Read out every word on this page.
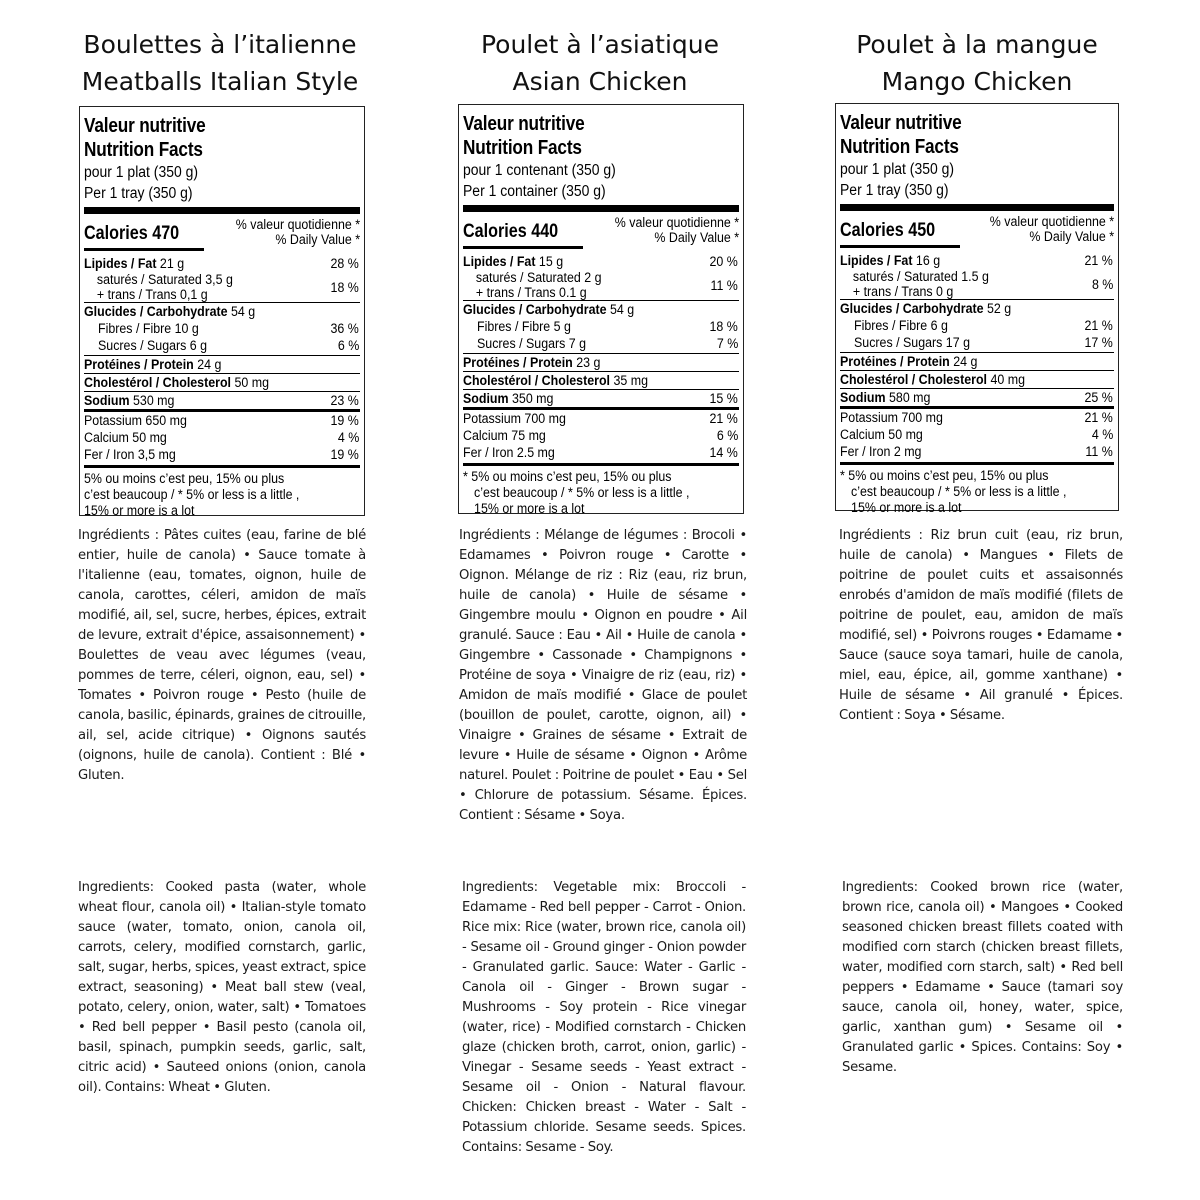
Boulettes à l’italienne
Meatballs Italian Style
Valeur nutritive
Nutrition Facts
pour 1 plat (350 g)
Per 1 tray (350 g)
Calories 470	% valeur quotidienne *
% Daily Value *
Lipides / Fat 21 g	28 %
saturés / Saturated 3,5 g
+ trans / Trans 0,1 g	18 %
Glucides / Carbohydrate 54 g
Fibres / Fibre 10 g	36 %
Sucres / Sugars 6 g	6 %
Protéines / Protein 24 g
Cholestérol / Cholesterol 50 mg
Sodium 530 mg	23 %
Potassium 650 mg	19 %
Calcium 50 mg	4 %
Fer / Iron 3,5 mg	19 %
5% ou moins c’est peu, 15% ou plus
c’est beaucoup / * 5% or less is a little ,
15% or more is a lot

Ingrédients : Pâtes cuites (eau, farine de blé entier, huile de canola) • Sauce tomate à l'italienne (eau, tomates, oignon, huile de canola, carottes, céleri, amidon de maïs modifié, ail, sel, sucre, herbes, épices, extrait de levure, extrait d'épice, assaisonnement) • Boulettes de veau avec légumes (veau, pommes de terre, céleri, oignon, eau, sel) • Tomates • Poivron rouge • Pesto (huile de canola, basilic, épinards, graines de citrouille, ail, sel, acide citrique) • Oignons sautés (oignons, huile de canola). Contient : Blé • Gluten.

Ingredients: Cooked pasta (water, whole wheat flour, canola oil) • Italian-style tomato sauce (water, tomato, onion, canola oil, carrots, celery, modified cornstarch, garlic, salt, sugar, herbs, spices, yeast extract, spice extract, seasoning) • Meat ball stew (veal, potato, celery, onion, water, salt) • Tomatoes • Red bell pepper • Basil pesto (canola oil, basil, spinach, pumpkin seeds, garlic, salt, citric acid) • Sauteed onions (onion, canola oil). Contains: Wheat • Gluten.

Poulet à l’asiatique
Asian Chicken
Valeur nutritive
Nutrition Facts
pour 1 contenant (350 g)
Per 1 container (350 g)
Calories 440	% valeur quotidienne *
% Daily Value *
Lipides / Fat 15 g	20 %
saturés / Saturated 2 g
+ trans / Trans 0.1 g	11 %
Glucides / Carbohydrate 54 g
Fibres / Fibre 5 g	18 %
Sucres / Sugars 7 g	7 %
Protéines / Protein 23 g
Cholestérol / Cholesterol 35 mg
Sodium 350 mg	15 %
Potassium 700 mg	21 %
Calcium 75 mg	6 %
Fer / Iron 2.5 mg	14 %
* 5% ou moins c’est peu, 15% ou plus
c’est beaucoup / * 5% or less is a little ,
15% or more is a lot

Ingrédients : Mélange de légumes : Brocoli • Edamames • Poivron rouge • Carotte • Oignon. Mélange de riz : Riz (eau, riz brun, huile de canola) • Huile de sésame • Gingembre moulu • Oignon en poudre • Ail granulé. Sauce : Eau • Ail • Huile de canola • Gingembre • Cassonade • Champignons • Protéine de soya • Vinaigre de riz (eau, riz) • Amidon de maïs modifié • Glace de poulet (bouillon de poulet, carotte, oignon, ail) • Vinaigre • Graines de sésame • Extrait de levure • Huile de sésame • Oignon • Arôme naturel. Poulet : Poitrine de poulet • Eau • Sel • Chlorure de potassium. Sésame. Épices. Contient : Sésame • Soya.

Ingredients: Vegetable mix: Broccoli - Edamame - Red bell pepper - Carrot - Onion. Rice mix: Rice (water, brown rice, canola oil) - Sesame oil - Ground ginger - Onion powder - Granulated garlic. Sauce: Water - Garlic - Canola oil - Ginger - Brown sugar - Mushrooms - Soy protein - Rice vinegar (water, rice) - Modified cornstarch - Chicken glaze (chicken broth, carrot, onion, garlic) - Vinegar - Sesame seeds - Yeast extract - Sesame oil - Onion - Natural flavour. Chicken: Chicken breast - Water - Salt - Potassium chloride. Sesame seeds. Spices. Contains: Sesame - Soy.

Poulet à la mangue
Mango Chicken
Valeur nutritive
Nutrition Facts
pour 1 plat (350 g)
Per 1 tray (350 g)
Calories 450	% valeur quotidienne *
% Daily Value *
Lipides / Fat 16 g	21 %
saturés / Saturated 1.5 g
+ trans / Trans 0 g	8 %
Glucides / Carbohydrate 52 g
Fibres / Fibre 6 g	21 %
Sucres / Sugars 17 g	17 %
Protéines / Protein 24 g
Cholestérol / Cholesterol 40 mg
Sodium 580 mg	25 %
Potassium 700 mg	21 %
Calcium 50 mg	4 %
Fer / Iron 2 mg	11 %
* 5% ou moins c’est peu, 15% ou plus
c’est beaucoup / * 5% or less is a little ,
15% or more is a lot

Ingrédients : Riz brun cuit (eau, riz brun, huile de canola) • Mangues • Filets de poitrine de poulet cuits et assaisonnés enrobés d'amidon de maïs modifié (filets de poitrine de poulet, eau, amidon de maïs modifié, sel) • Poivrons rouges • Edamame • Sauce (sauce soya tamari, huile de canola, miel, eau, épice, ail, gomme xanthane) • Huile de sésame • Ail granulé • Épices. Contient : Soya • Sésame.

Ingredients: Cooked brown rice (water, brown rice, canola oil) • Mangoes • Cooked seasoned chicken breast fillets coated with modified corn starch (chicken breast fillets, water, modified corn starch, salt) • Red bell peppers • Edamame • Sauce (tamari soy sauce, canola oil, honey, water, spice, garlic, xanthan gum) • Sesame oil • Granulated garlic • Spices. Contains: Soy • Sesame.
